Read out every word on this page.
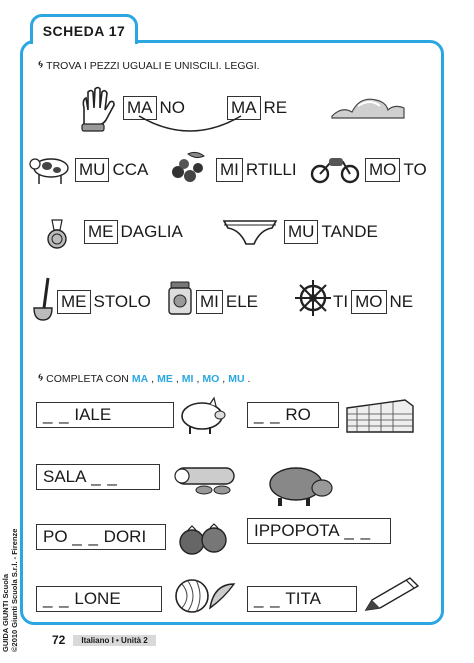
SCHEDA 17
🌀︎ TROVA I PEZZI UGUALI E UNISCILI. LEGGI.
MA NO	MA RE
MU CCA	MI RTILLI	MO TO
ME DAGLIA	MU TANDE
ME STOLO	MI ELE	TI MO NE
🌀︎ COMPLETA CON MA , ME , MI , MO , MU .
_ _
IALE	_ _
RO
SALA
_ _
PO
_ _
DORI	IPPOPOTA
_ _
_ _
LONE	_ _
TITA
GUIDA GIUNTI Scuola ©2010 Giunti Scuola S.r.l. - Firenze	72	Italiano I • Unità 2
